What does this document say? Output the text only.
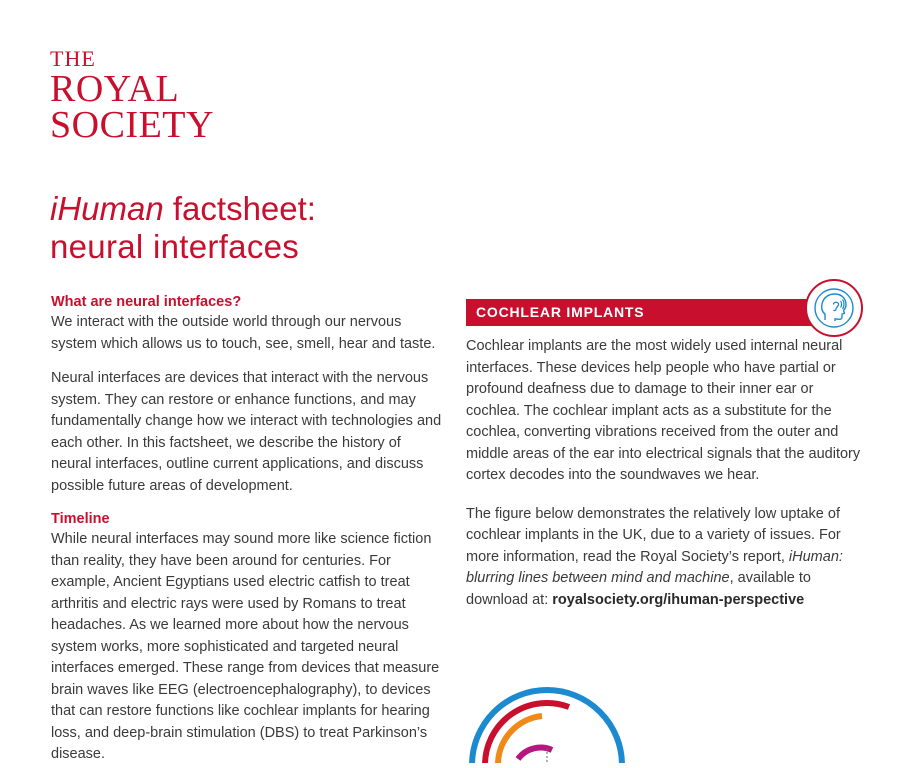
THE
ROYAL
SOCIETY
iHuman factsheet:
neural interfaces

What are neural interfaces?

We interact with the outside world through our nervous system which allows us to touch, see, smell, hear and taste.

Neural interfaces are devices that interact with the nervous system. They can restore or enhance functions, and may fundamentally change how we interact with technologies and each other. In this factsheet, we describe the history of neural interfaces, outline current applications, and discuss possible future areas of development.

Timeline

While neural interfaces may sound more like science fiction than reality, they have been around for centuries. For example, Ancient Egyptians used electric catfish to treat arthritis and electric rays were used by Romans to treat headaches. As we learned more about how the nervous system works, more sophisticated and targeted neural interfaces emerged. These range from devices that measure brain waves like EEG (electroencephalography), to devices that can restore functions like cochlear implants for hearing loss, and deep-brain stimulation (DBS) to treat Parkinson’s disease.

COCHLEAR IMPLANTS

Cochlear implants are the most widely used internal neural interfaces. These devices help people who have partial or profound deafness due to damage to their inner ear or cochlea. The cochlear implant acts as a substitute for the cochlea, converting vibrations received from the outer and middle areas of the ear into electrical signals that the auditory cortex decodes into the soundwaves we hear.

The figure below demonstrates the relatively low uptake of cochlear implants in the UK, due to a variety of issues. For more information, read the Royal Society’s report, iHuman: blurring lines between mind and machine, available to download at: royalsociety.org/ihuman-perspective
